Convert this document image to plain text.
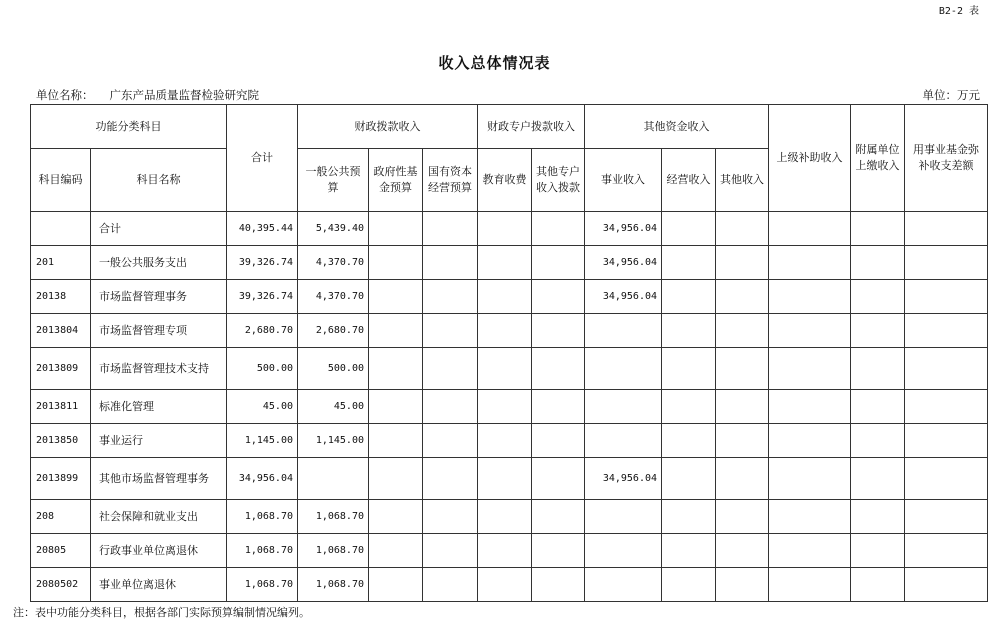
B2-2 表
收入总体情况表
单位名称： 广东产品质量监督检验研究院	单位：万元
功能分类科目		合计	财政拨款收入			财政专户拨款收入		其他资金收入			上级补助收入	附属单位上缴收入	用事业基金弥补收支差额
科目编码	科目名称		一般公共预算	政府性基金预算	国有资本经营预算	教育收费	其他专户收入拨款	事业收入	经营收入	其他收入			
	合计	40,395.44	5,439.40					34,956.04					
201	一般公共服务支出	39,326.74	4,370.70					34,956.04					
20138	市场监督管理事务	39,326.74	4,370.70					34,956.04					
2013804	市场监督管理专项	2,680.70	2,680.70										
2013809	市场监督管理技术支持	500.00	500.00										
2013811	标准化管理	45.00	45.00										
2013850	事业运行	1,145.00	1,145.00										
2013899	其他市场监督管理事务	34,956.04						34,956.04					
208	社会保障和就业支出	1,068.70	1,068.70										
20805	行政事业单位离退休	1,068.70	1,068.70										
2080502	事业单位离退休	1,068.70	1,068.70										
注：表中功能分类科目，根据各部门实际预算编制情况编列。
